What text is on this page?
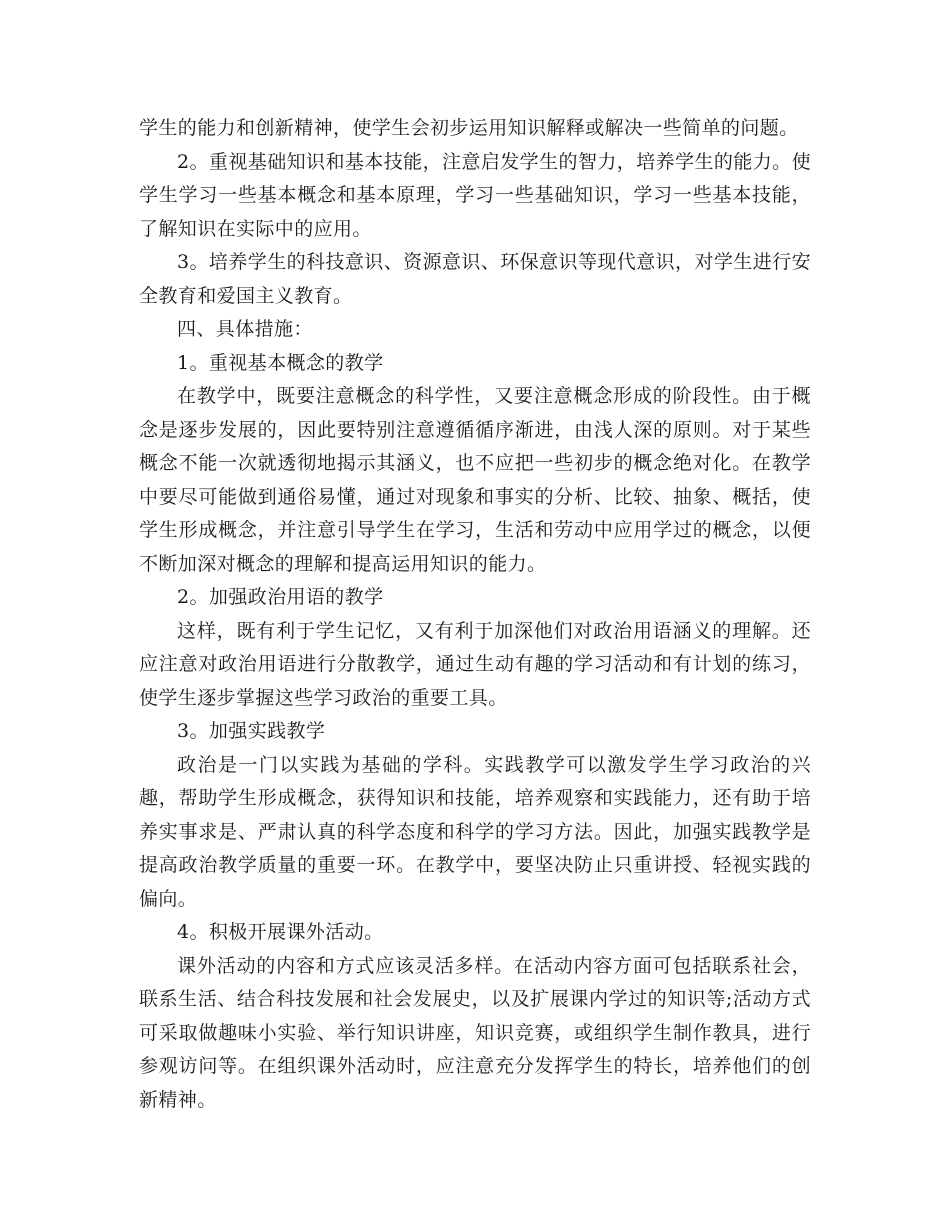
学生的能力和创新精神，使学生会初步运用知识解释或解决一些简单的问题。

2。重视基础知识和基本技能，注意启发学生的智力，培养学生的能力。使学生学习一些基本概念和基本原理，学习一些基础知识，学习一些基本技能，了解知识在实际中的应用。

3。培养学生的科技意识、资源意识、环保意识等现代意识，对学生进行安全教育和爱国主义教育。

四、具体措施：

1。重视基本概念的教学

在教学中，既要注意概念的科学性，又要注意概念形成的阶段性。由于概念是逐步发展的，因此要特别注意遵循循序渐进，由浅人深的原则。对于某些概念不能一次就透彻地揭示其涵义，也不应把一些初步的概念绝对化。在教学中要尽可能做到通俗易懂，通过对现象和事实的分析、比较、抽象、概括，使学生形成概念，并注意引导学生在学习，生活和劳动中应用学过的概念，以便不断加深对概念的理解和提高运用知识的能力。

2。加强政治用语的教学

这样，既有利于学生记忆，又有利于加深他们对政治用语涵义的理解。还应注意对政治用语进行分散教学，通过生动有趣的学习活动和有计划的练习，使学生逐步掌握这些学习政治的重要工具。

3。加强实践教学

政治是一门以实践为基础的学科。实践教学可以激发学生学习政治的兴趣，帮助学生形成概念，获得知识和技能，培养观察和实践能力，还有助于培养实事求是、严肃认真的科学态度和科学的学习方法。因此，加强实践教学是提高政治教学质量的重要一环。在教学中，要坚决防止只重讲授、轻视实践的偏向。

4。积极开展课外活动。

课外活动的内容和方式应该灵活多样。在活动内容方面可包括联系社会，联系生活、结合科技发展和社会发展史，以及扩展课内学过的知识等;活动方式可采取做趣味小实验、举行知识讲座，知识竞赛，或组织学生制作教具，进行参观访问等。在组织课外活动时，应注意充分发挥学生的特长，培养他们的创新精神。
